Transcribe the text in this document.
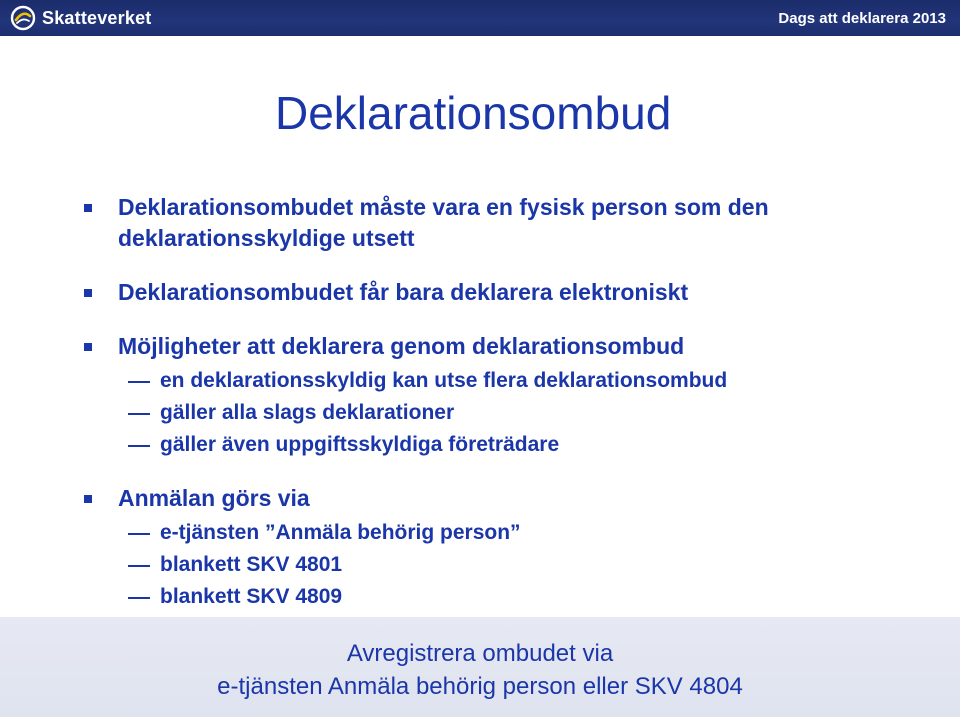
Skatteverket	Dags att deklarera 2013
Deklarationsombud
Deklarationsombudet måste vara en fysisk person som den
deklarationsskyldige utsett
Deklarationsombudet får bara deklarera elektroniskt
Möjligheter att deklarera genom deklarationsombud
en deklarationsskyldig kan utse flera deklarationsombud
gäller alla slags deklarationer
gäller även uppgiftsskyldiga företrädare
Anmälan görs via
e-tjänsten ”Anmäla behörig person”
blankett SKV 4801
blankett SKV 4809
Avregistrera ombudet via
e-tjänsten Anmäla behörig person eller SKV 4804
